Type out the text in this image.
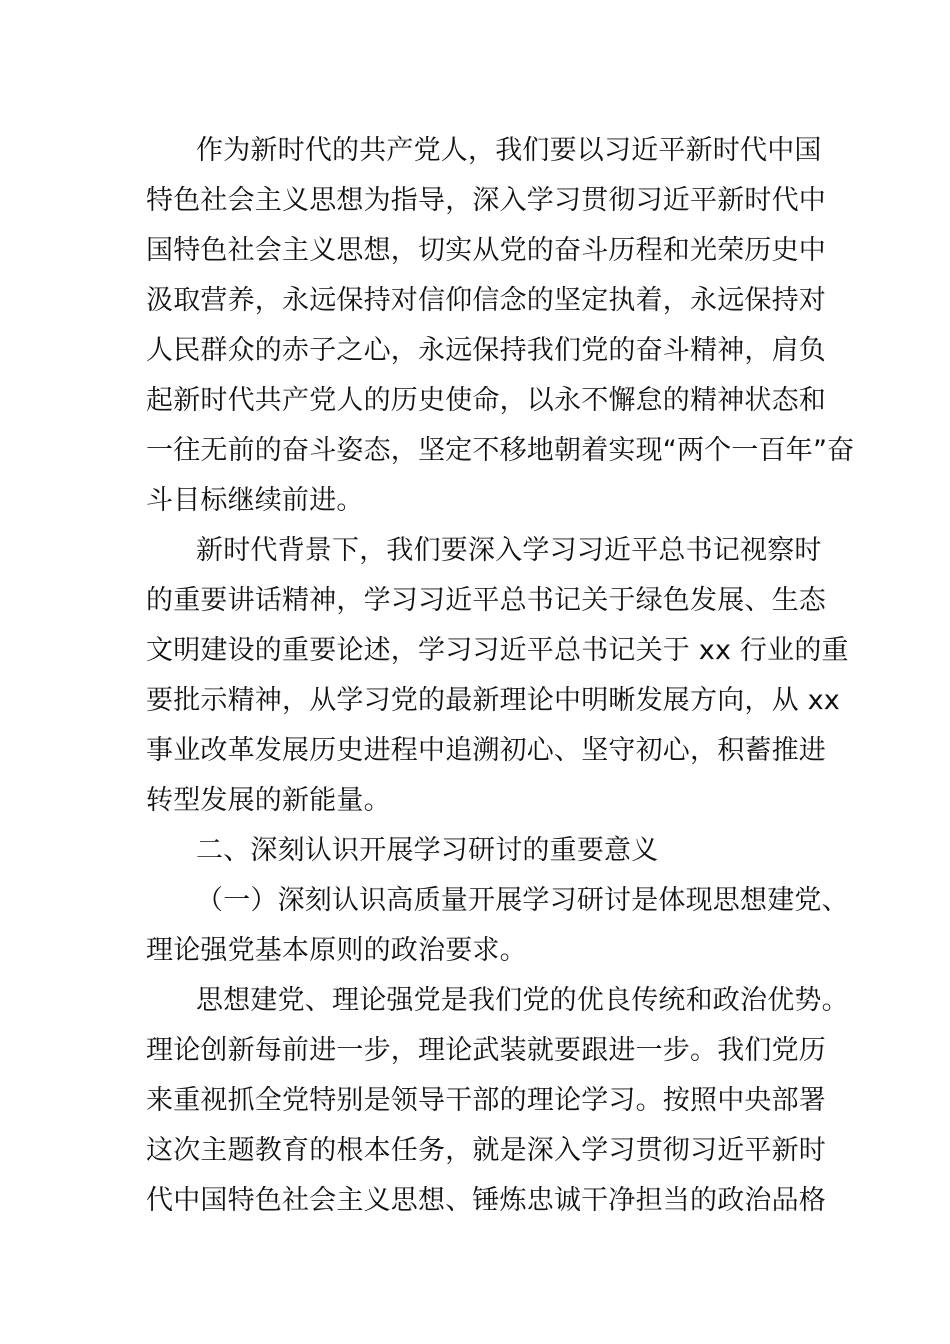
作为新时代的共产党人，我们要以习近平新时代中国
特色社会主义思想为指导，深入学习贯彻习近平新时代中
国特色社会主义思想，切实从党的奋斗历程和光荣历史中
汲取营养，永远保持对信仰信念的坚定执着，永远保持对
人民群众的赤子之心，永远保持我们党的奋斗精神，肩负
起新时代共产党人的历史使命，以永不懈怠的精神状态和
一往无前的奋斗姿态，坚定不移地朝着实现“两个一百年”奋
斗目标继续前进。
新时代背景下，我们要深入学习习近平总书记视察时
的重要讲话精神，学习习近平总书记关于绿色发展、生态
文明建设的重要论述，学习习近平总书记关于 xx 行业的重
要批示精神，从学习党的最新理论中明晰发展方向，从 xx
事业改革发展历史进程中追溯初心、坚守初心，积蓄推进
转型发展的新能量。
二、深刻认识开展学习研讨的重要意义
（一）深刻认识高质量开展学习研讨是体现思想建党、
理论强党基本原则的政治要求。
思想建党、理论强党是我们党的优良传统和政治优势。
理论创新每前进一步，理论武装就要跟进一步。我们党历
来重视抓全党特别是领导干部的理论学习。按照中央部署
这次主题教育的根本任务，就是深入学习贯彻习近平新时
代中国特色社会主义思想、锤炼忠诚干净担当的政治品格
